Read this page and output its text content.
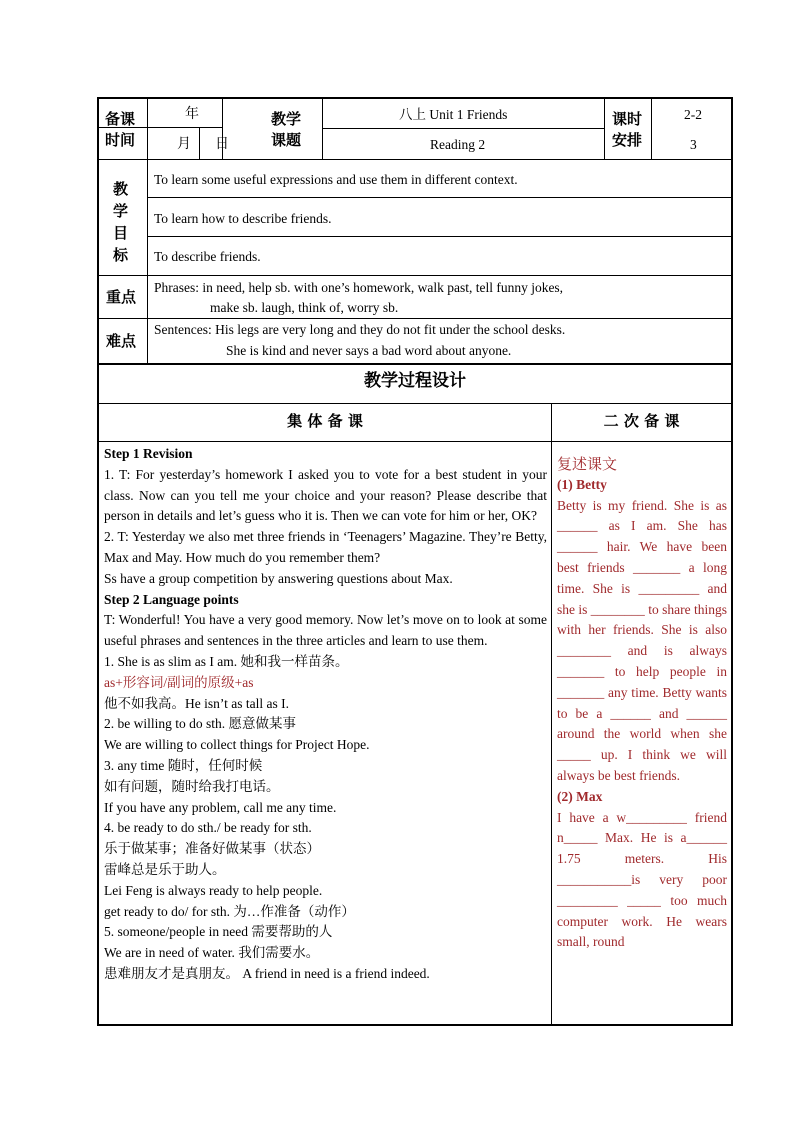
备课时间
年
月 日
教学课题
八上 Unit 1 Friends
Reading 2
课时安排
2-2
3
教学目标
To learn some useful expressions and use them in different context.
To learn how to describe friends.
To describe friends.
重点
Phrases: in need, help sb. with one’s homework, walk past, tell funny jokes,
make sb. laugh, think of, worry sb.
难点
Sentences: His legs are very long and they do not fit under the school desks.
She is kind and never says a bad word about anyone.
教学过程设计
集 体 备 课	二 次 备 课
Step 1 Revision
1. T: For yesterday’s homework I asked you to vote for a best student in your class. Now can you tell me your choice and your reason? Please describe that person in details and let’s guess who it is. Then we can vote for him or her, OK?
2. T: Yesterday we also met three friends in ‘Teenagers’ Magazine. They’re Betty, Max and May. How much do you remember them?
Ss have a group competition by answering questions about Max.
Step 2 Language points
T: Wonderful! You have a very good memory. Now let’s move on to look at some useful phrases and sentences in the three articles and learn to use them.
1. She is as slim as I am. 她和我一样苗条。
as+形容词/副词的原级+as
他不如我高。He isn’t as tall as I.
2. be willing to do sth. 愿意做某事
We are willing to collect things for Project Hope.
3. any time 随时，任何时候
如有问题，随时给我打电话。
If you have any problem, call me any time.
4. be ready to do sth./ be ready for sth.
乐于做某事；准备好做某事（状态）
雷峰总是乐于助人。
Lei Feng is always ready to help people.
get ready to do/ for sth. 为…作准备（动作）
5. someone/people in need 需要帮助的人
We are in need of water. 我们需要水。
患难朋友才是真朋友。 A friend in need is a friend indeed.
复述课文
(1) Betty
Betty is my friend. She is as ______ as I am. She has ______ hair. We have been best friends _______ a long time. She is _________ and she is ________ to share things with her friends. She is also ________ and is always _______ to help people in _______ any time. Betty wants to be a ______ and ______ around the world when she _____ up. I think we will always be best friends.
(2) Max
I have a w_________ friend n_____ Max. He is a______ 1.75 meters. His ___________is very poor _________ _____ too much computer work. He wears small, round
